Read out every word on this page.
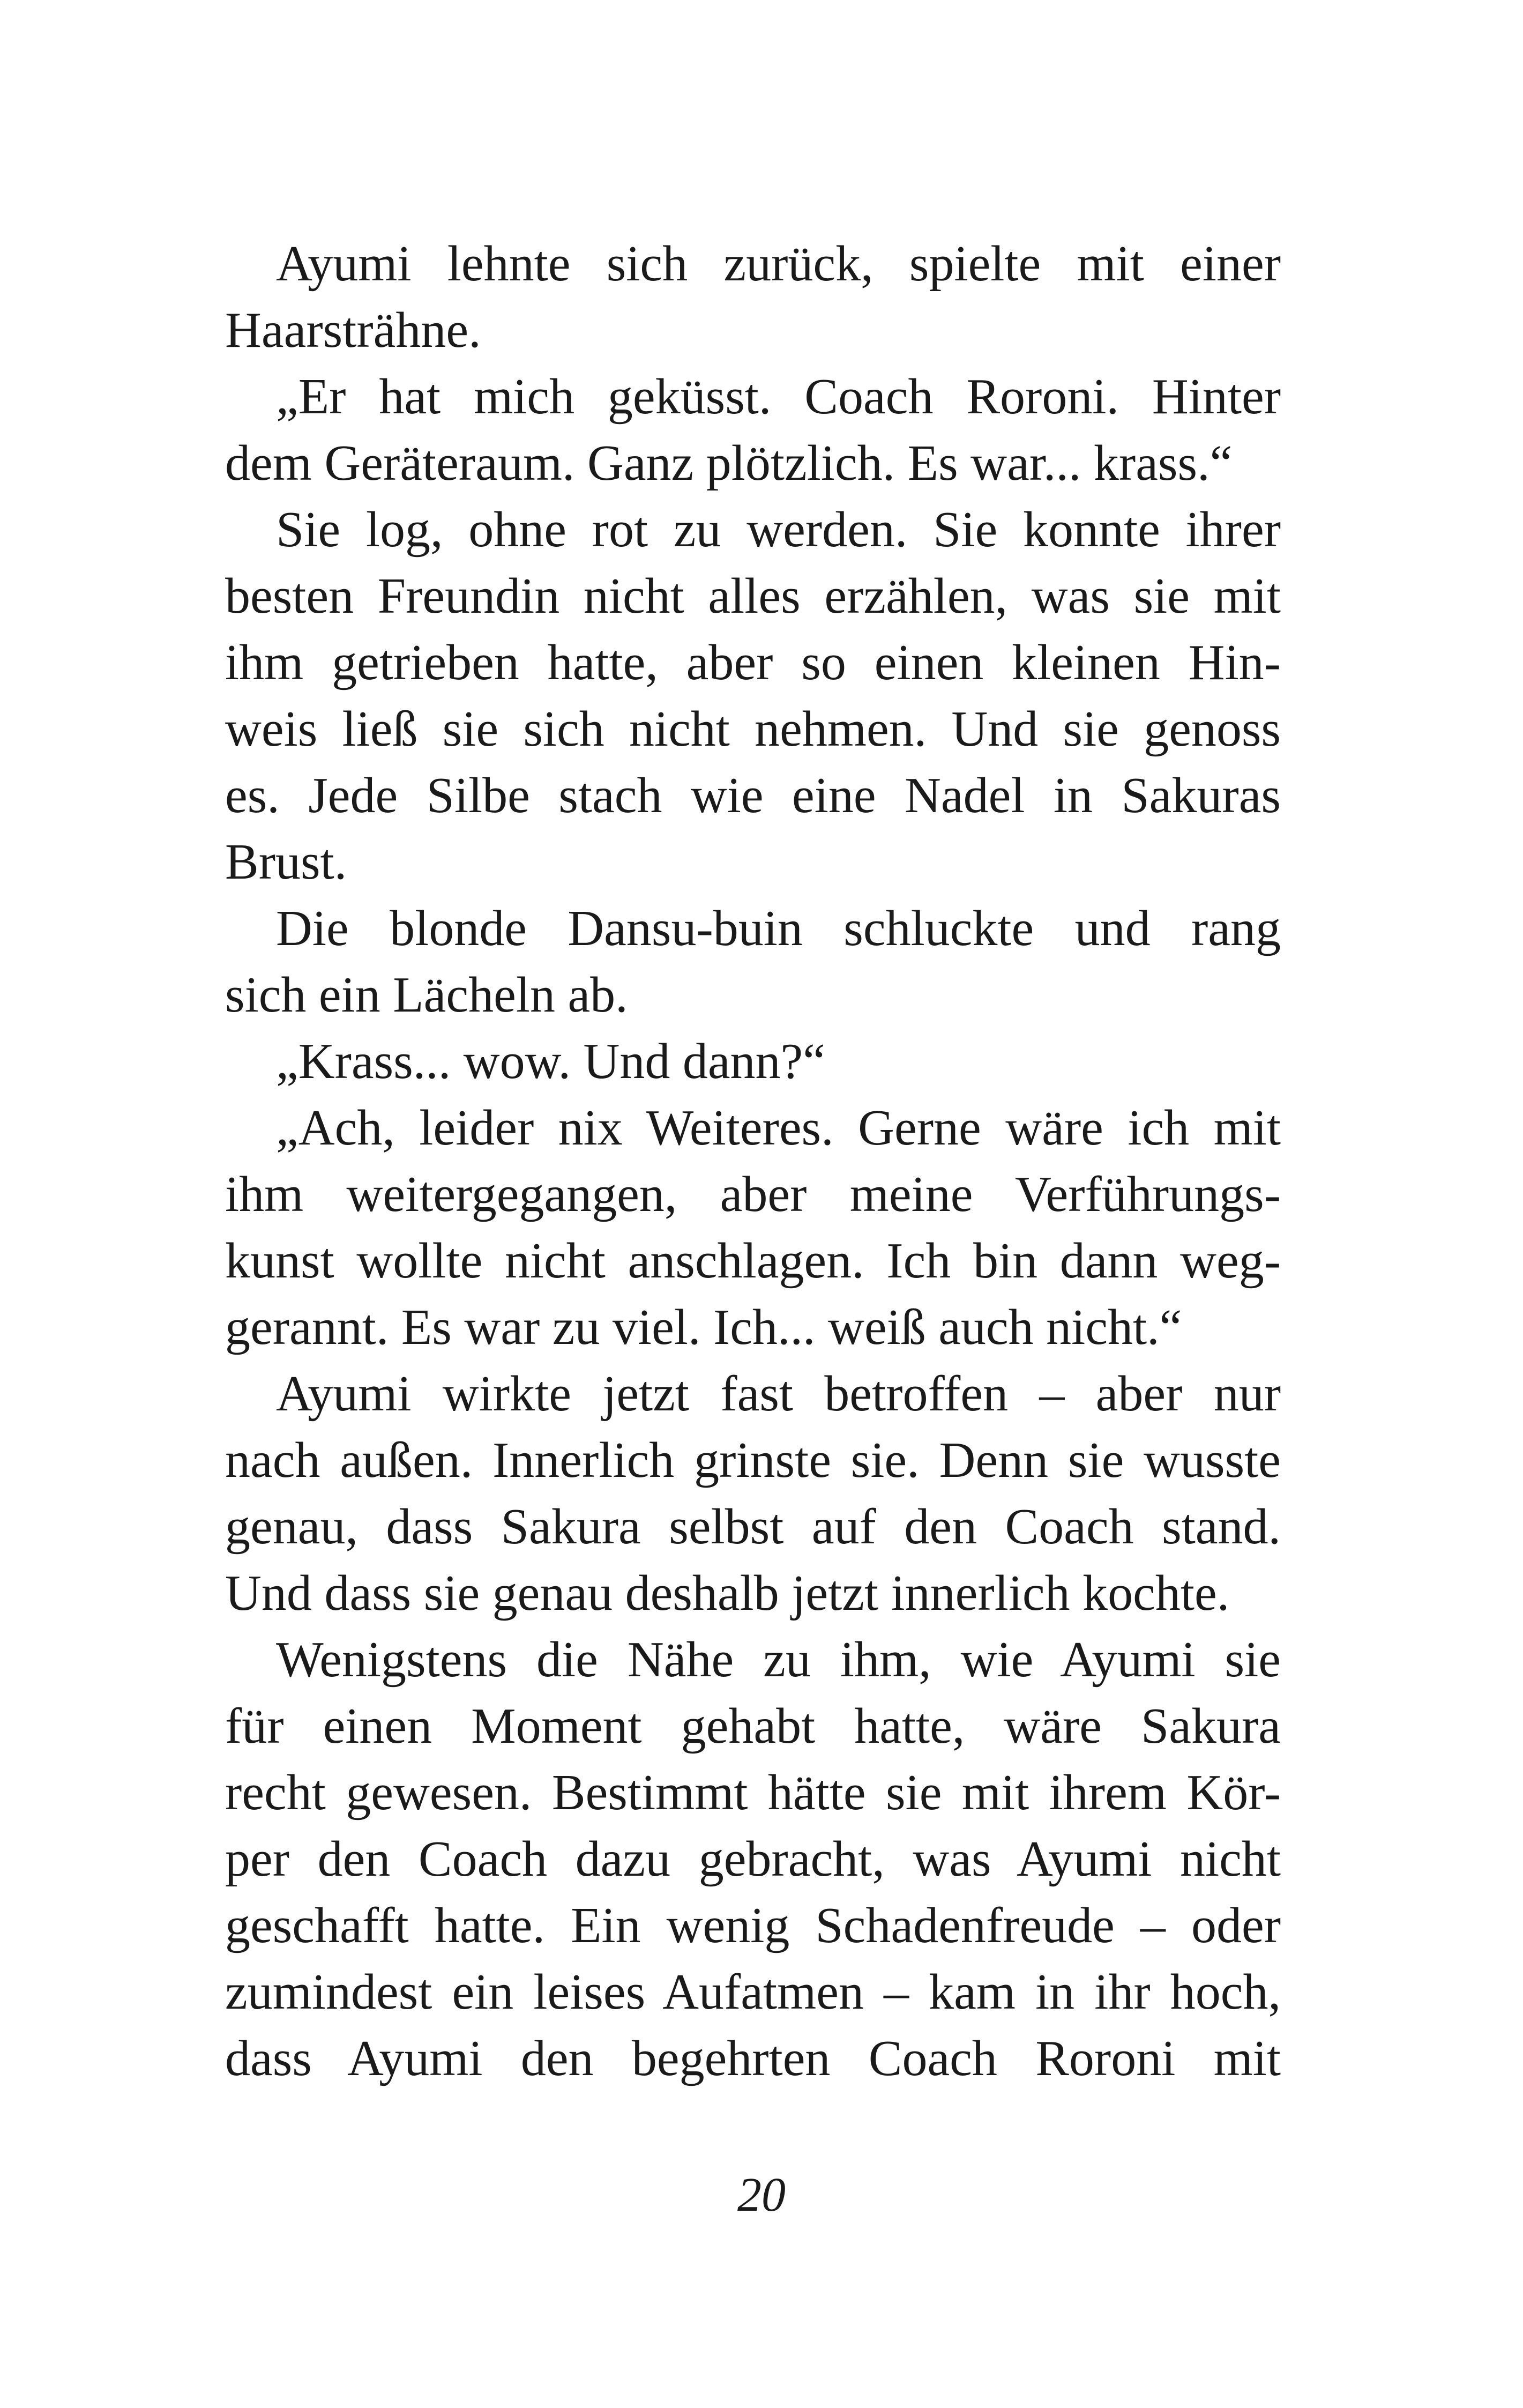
Ayumi lehnte sich zurück, spielte mit einer
Haarsträhne.
„Er hat mich geküsst. Coach Roroni. Hinter
dem Geräteraum. Ganz plötzlich. Es war... krass.“
Sie log, ohne rot zu werden. Sie konnte ihrer
besten Freundin nicht alles erzählen, was sie mit
ihm getrieben hatte, aber so einen kleinen Hin-
weis ließ sie sich nicht nehmen. Und sie genoss
es. Jede Silbe stach wie eine Nadel in Sakuras
Brust.
Die blonde Dansu-buin schluckte und rang
sich ein Lächeln ab.
„Krass... wow. Und dann?“
„Ach, leider nix Weiteres. Gerne wäre ich mit
ihm weitergegangen, aber meine Verführungs-
kunst wollte nicht anschlagen. Ich bin dann weg-
gerannt. Es war zu viel. Ich... weiß auch nicht.“
Ayumi wirkte jetzt fast betroffen – aber nur
nach außen. Innerlich grinste sie. Denn sie wusste
genau, dass Sakura selbst auf den Coach stand.
Und dass sie genau deshalb jetzt innerlich kochte.
Wenigstens die Nähe zu ihm, wie Ayumi sie
für einen Moment gehabt hatte, wäre Sakura
recht gewesen. Bestimmt hätte sie mit ihrem Kör-
per den Coach dazu gebracht, was Ayumi nicht
geschafft hatte. Ein wenig Schadenfreude – oder
zumindest ein leises Aufatmen – kam in ihr hoch,
dass Ayumi den begehrten Coach Roroni mit
20
